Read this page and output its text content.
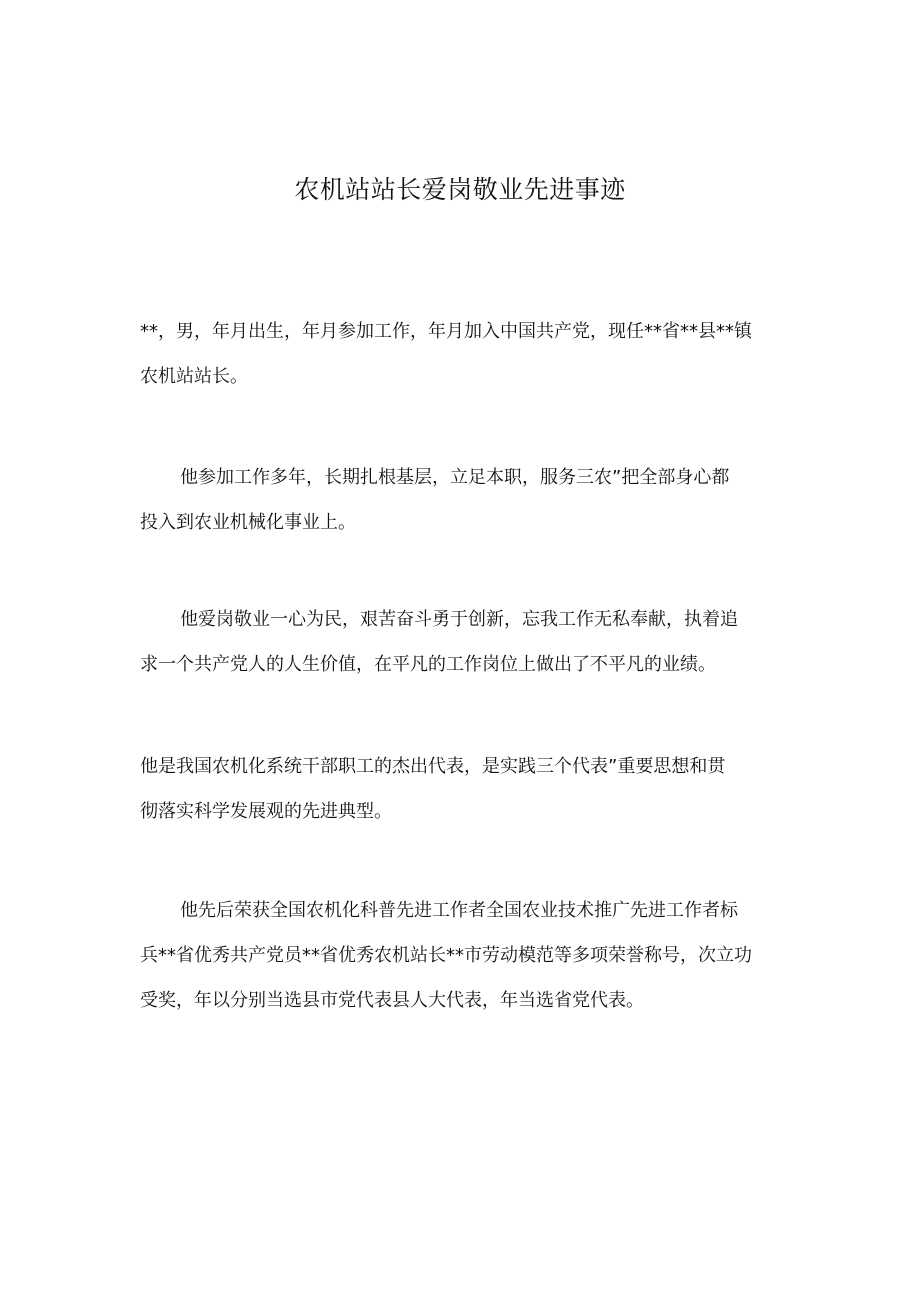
农机站站长爱岗敬业先进事迹

**，男，年月出生，年月参加工作，年月加入中国共产党，现任**省**县**镇
农机站站长。

他参加工作多年，长期扎根基层，立足本职，服务三农”把全部身心都
投入到农业机械化事业上。

他爱岗敬业一心为民，艰苦奋斗勇于创新，忘我工作无私奉献，执着追
求一个共产党人的人生价值，在平凡的工作岗位上做出了不平凡的业绩。

他是我国农机化系统干部职工的杰出代表，是实践三个代表”重要思想和贯
彻落实科学发展观的先进典型。

他先后荣获全国农机化科普先进工作者全国农业技术推广先进工作者标
兵**省优秀共产党员**省优秀农机站长**市劳动模范等多项荣誉称号，次立功
受奖，年以分别当选县市党代表县人大代表，年当选省党代表。
